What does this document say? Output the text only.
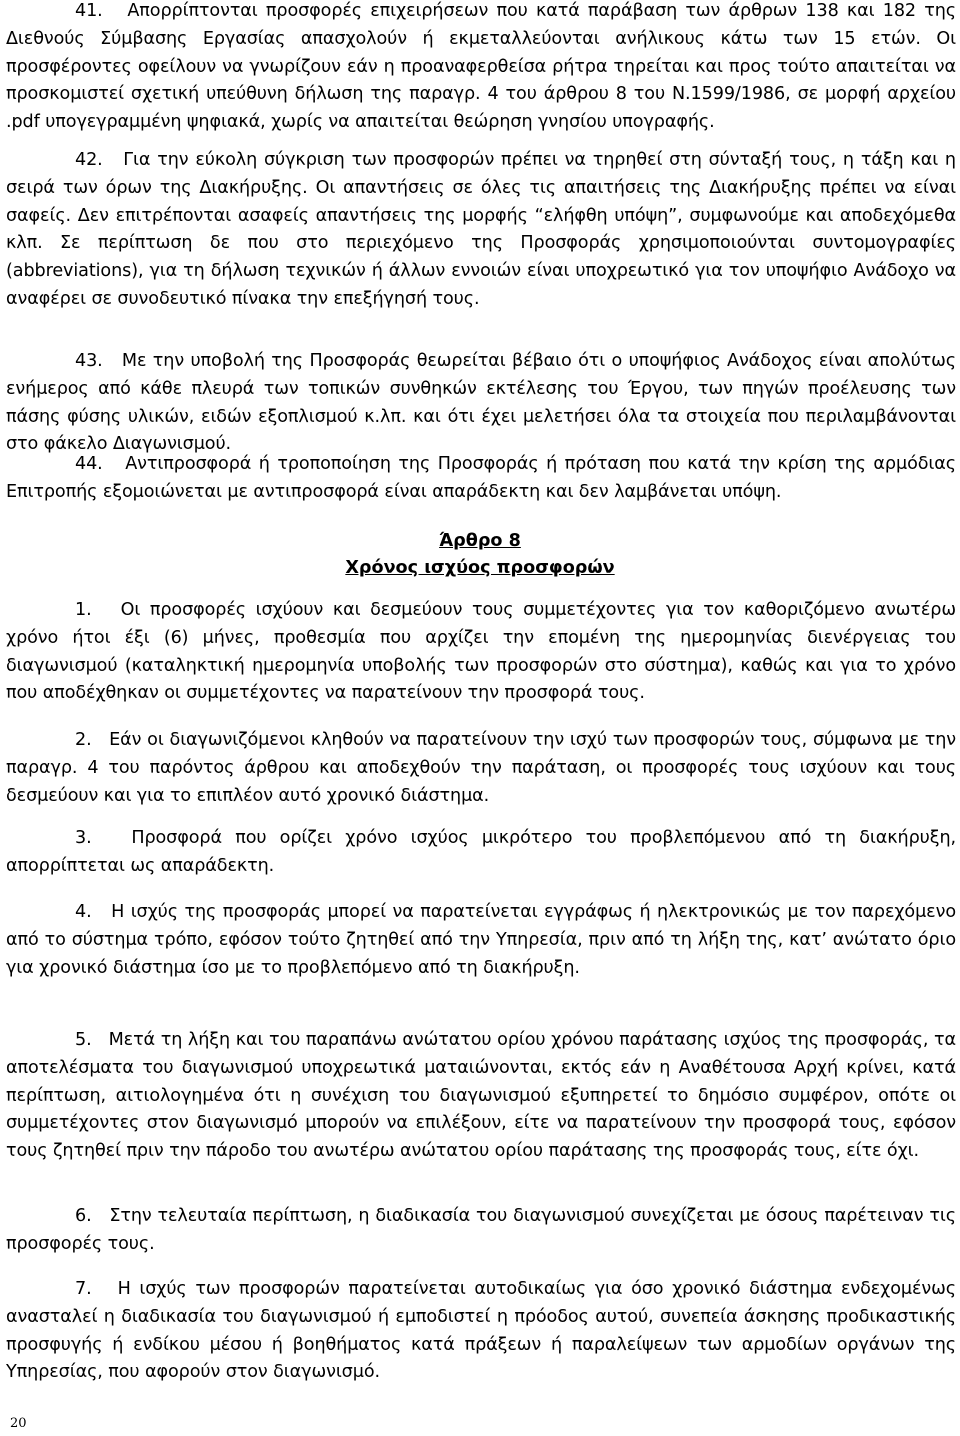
41. Απορρίπτονται προσφορές επιχειρήσεων που κατά παράβαση των άρθρων 138 και 182 της Διεθνούς Σύμβασης Εργασίας απασχολούν ή εκμεταλλεύονται ανήλικους κάτω των 15 ετών. Οι προσφέροντες οφείλουν να γνωρίζουν εάν η προαναφερθείσα ρήτρα τηρείται και προς τούτο απαιτείται να προσκομιστεί σχετική υπεύθυνη δήλωση της παραγρ. 4 του άρθρου 8 του Ν.1599/1986, σε μορφή αρχείου .pdf υπογεγραμμένη ψηφιακά, χωρίς να απαιτείται θεώρηση γνησίου υπογραφής.

42. Για την εύκολη σύγκριση των προσφορών πρέπει να τηρηθεί στη σύνταξή τους, η τάξη και η σειρά των όρων της Διακήρυξης. Οι απαντήσεις σε όλες τις απαιτήσεις της Διακήρυξης πρέπει να είναι σαφείς. Δεν επιτρέπονται ασαφείς απαντήσεις της μορφής “ελήφθη υπόψη”, συμφωνούμε και αποδεχόμεθα κλπ. Σε περίπτωση δε που στο περιεχόμενο της Προσφοράς χρησιμοποιούνται συντομογραφίες (abbreviations), για τη δήλωση τεχνικών ή άλλων εννοιών είναι υποχρεωτικό για τον υποψήφιο Ανάδοχο να αναφέρει σε συνοδευτικό πίνακα την επεξήγησή τους.

43. Με την υποβολή της Προσφοράς θεωρείται βέβαιο ότι ο υποψήφιος Ανάδοχος είναι απολύτως ενήμερος από κάθε πλευρά των τοπικών συνθηκών εκτέλεσης του Έργου, των πηγών προέλευσης των πάσης φύσης υλικών, ειδών εξοπλισμού κ.λπ. και ότι έχει μελετήσει όλα τα στοιχεία που περιλαμβάνονται στο φάκελο Διαγωνισμού.

44. Αντιπροσφορά ή τροποποίηση της Προσφοράς ή πρόταση που κατά την κρίση της αρμόδιας Επιτροπής εξομοιώνεται με αντιπροσφορά είναι απαράδεκτη και δεν λαμβάνεται υπόψη.

Άρθρο 8
Χρόνος ισχύος προσφορών

1. Οι προσφορές ισχύουν και δεσμεύουν τους συμμετέχοντες για τον καθοριζόμενο ανωτέρω χρόνο ήτοι έξι (6) μήνες, προθεσμία που αρχίζει την επομένη της ημερομηνίας διενέργειας του διαγωνισμού (καταληκτική ημερομηνία υποβολής των προσφορών στο σύστημα), καθώς και για το χρόνο που αποδέχθηκαν οι συμμετέχοντες να παρατείνουν την προσφορά τους.

2. Εάν οι διαγωνιζόμενοι κληθούν να παρατείνουν την ισχύ των προσφορών τους, σύμφωνα με την παραγρ. 4 του παρόντος άρθρου και αποδεχθούν την παράταση, οι προσφορές τους ισχύουν και τους δεσμεύουν και για το επιπλέον αυτό χρονικό διάστημα.

3. Προσφορά που ορίζει χρόνο ισχύος μικρότερο του προβλεπόμενου από τη διακήρυξη, απορρίπτεται ως απαράδεκτη.

4. Η ισχύς της προσφοράς μπορεί να παρατείνεται εγγράφως ή ηλεκτρονικώς με τον παρεχόμενο από το σύστημα τρόπο, εφόσον τούτο ζητηθεί από την Υπηρεσία, πριν από τη λήξη της, κατ’ ανώτατο όριο για χρονικό διάστημα ίσο με το προβλεπόμενο από τη διακήρυξη.

5. Μετά τη λήξη και του παραπάνω ανώτατου ορίου χρόνου παράτασης ισχύος της προσφοράς, τα αποτελέσματα του διαγωνισμού υποχρεωτικά ματαιώνονται, εκτός εάν η Αναθέτουσα Αρχή κρίνει, κατά περίπτωση, αιτιολογημένα ότι η συνέχιση του διαγωνισμού εξυπηρετεί το δημόσιο συμφέρον, οπότε οι συμμετέχοντες στον διαγωνισμό μπορούν να επιλέξουν, είτε να παρατείνουν την προσφορά τους, εφόσον τους ζητηθεί πριν την πάροδο του ανωτέρω ανώτατου ορίου παράτασης της προσφοράς τους, είτε όχι.

6. Στην τελευταία περίπτωση, η διαδικασία του διαγωνισμού συνεχίζεται με όσους παρέτειναν τις προσφορές τους.

7. Η ισχύς των προσφορών παρατείνεται αυτοδικαίως για όσο χρονικό διάστημα ενδεχομένως ανασταλεί η διαδικασία του διαγωνισμού ή εμποδιστεί η πρόοδος αυτού, συνεπεία άσκησης προδικαστικής προσφυγής ή ενδίκου μέσου ή βοηθήματος κατά πράξεων ή παραλείψεων των αρμοδίων οργάνων της Υπηρεσίας, που αφορούν στον διαγωνισμό.

20
